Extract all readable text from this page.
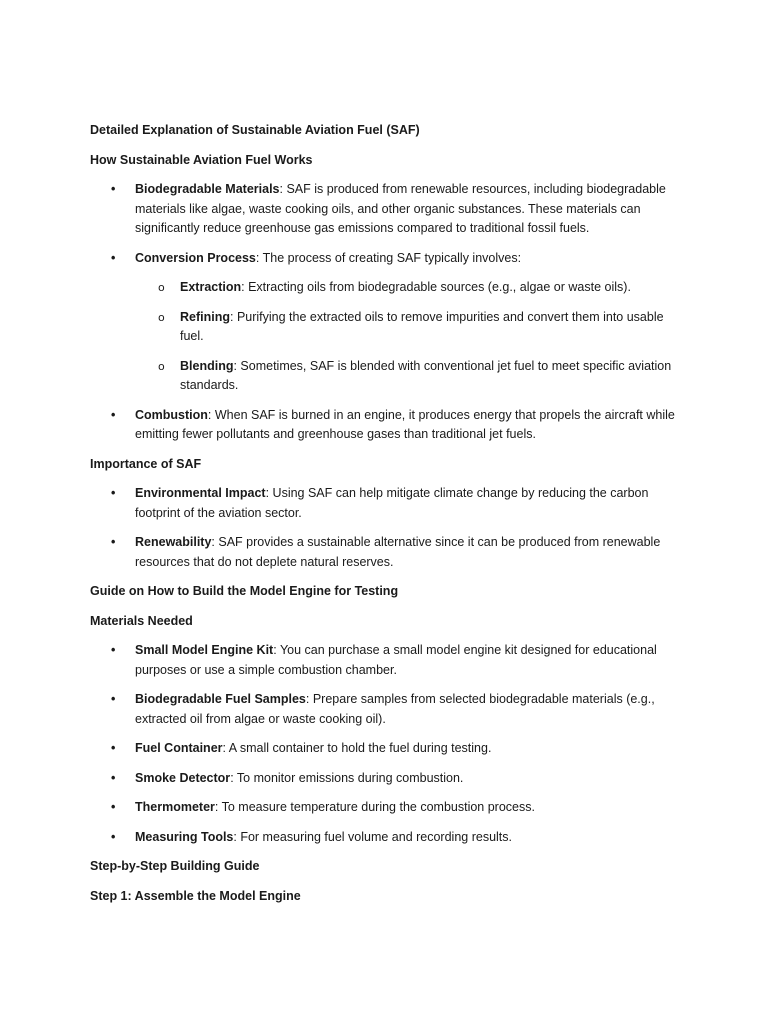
Detailed Explanation of Sustainable Aviation Fuel (SAF)
How Sustainable Aviation Fuel Works
• Biodegradable Materials: SAF is produced from renewable resources, including biodegradable materials like algae, waste cooking oils, and other organic substances. These materials can significantly reduce greenhouse gas emissions compared to traditional fossil fuels.
• Conversion Process: The process of creating SAF typically involves:
o Extraction: Extracting oils from biodegradable sources (e.g., algae or waste oils).
o Refining: Purifying the extracted oils to remove impurities and convert them into usable fuel.
o Blending: Sometimes, SAF is blended with conventional jet fuel to meet specific aviation standards.
• Combustion: When SAF is burned in an engine, it produces energy that propels the aircraft while emitting fewer pollutants and greenhouse gases than traditional jet fuels.
Importance of SAF
• Environmental Impact: Using SAF can help mitigate climate change by reducing the carbon footprint of the aviation sector.
• Renewability: SAF provides a sustainable alternative since it can be produced from renewable resources that do not deplete natural reserves.
Guide on How to Build the Model Engine for Testing
Materials Needed
• Small Model Engine Kit: You can purchase a small model engine kit designed for educational purposes or use a simple combustion chamber.
• Biodegradable Fuel Samples: Prepare samples from selected biodegradable materials (e.g., extracted oil from algae or waste cooking oil).
• Fuel Container: A small container to hold the fuel during testing.
• Smoke Detector: To monitor emissions during combustion.
• Thermometer: To measure temperature during the combustion process.
• Measuring Tools: For measuring fuel volume and recording results.
Step-by-Step Building Guide
Step 1: Assemble the Model Engine
